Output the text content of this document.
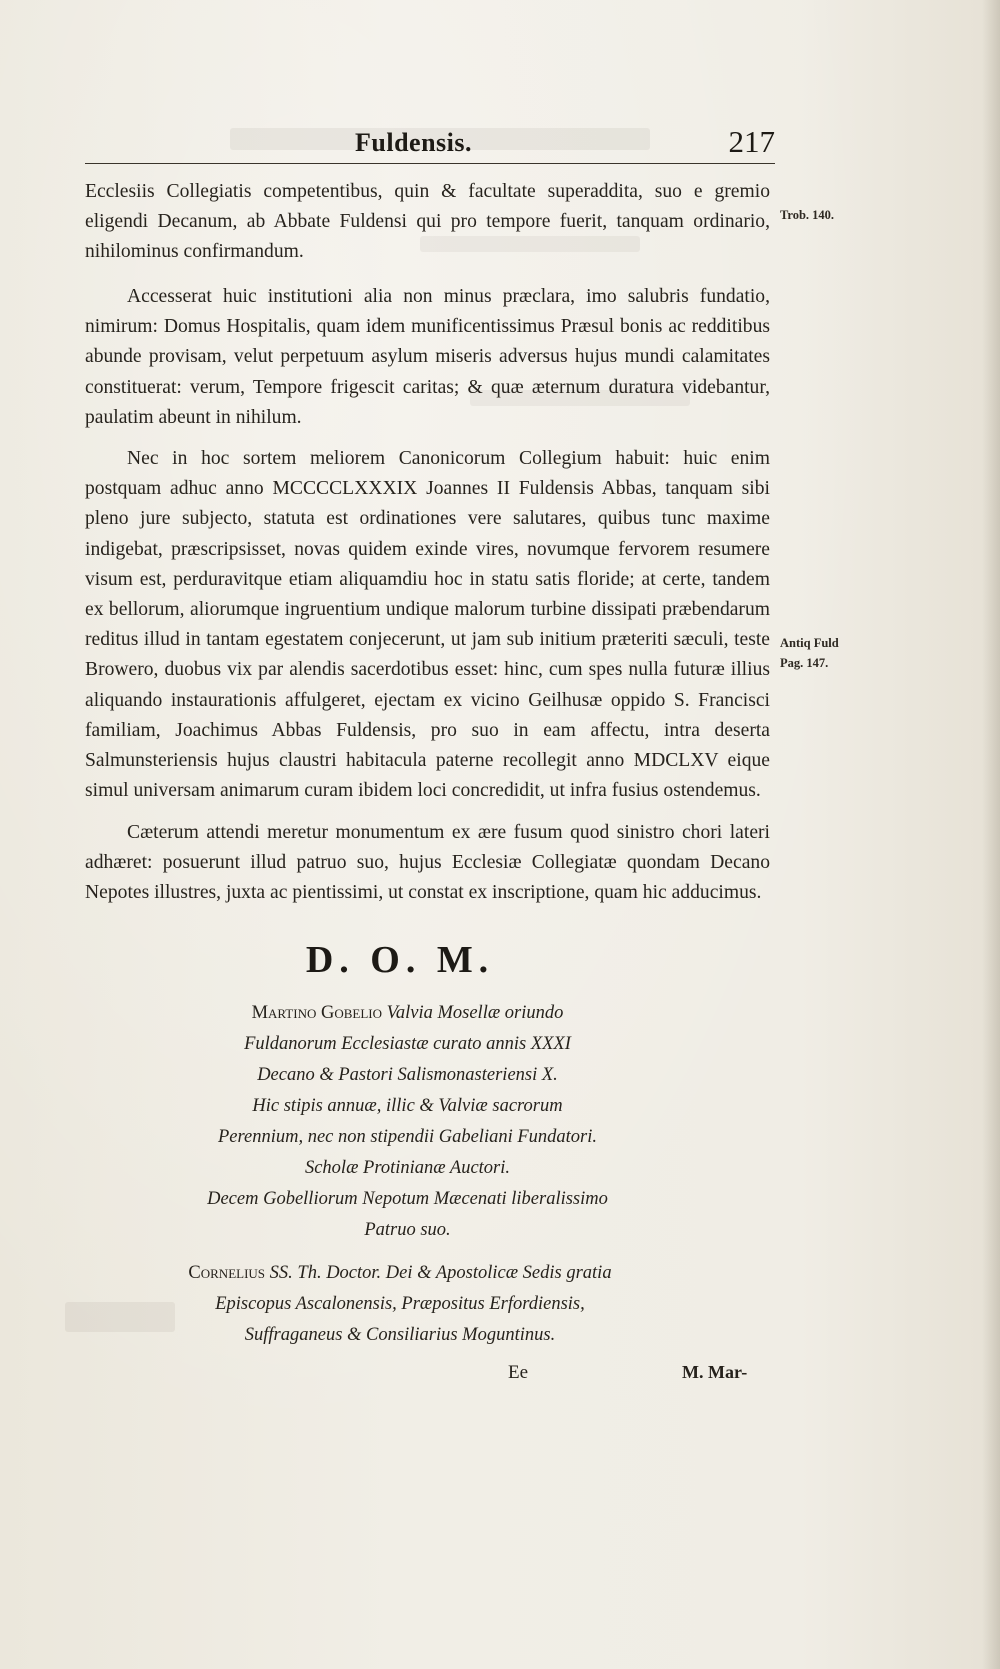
Fuldensis.	217

Ecclesiis Collegiatis competentibus, quin & facultate superaddita, suo e gremio eligendi Decanum, ab Abbate Fuldensi qui pro tempore fuerit, tanquam ordinario, nihilominus confirmandum.

Trob. 140.

Accesserat huic institutioni alia non minus præclara, imo salubris fundatio, nimirum: Domus Hospitalis, quam idem munificentissimus Præsul bonis ac redditibus abunde provisam, velut perpetuum asylum miseris adversus hujus mundi calamitates constituerat: verum, Tempore frigescit caritas; & quæ æternum duratura videbantur, paulatim abeunt in nihilum.

Nec in hoc sortem meliorem Canonicorum Collegium habuit: huic enim postquam adhuc anno MCCCCLXXXIX Joannes II Fuldensis Abbas, tanquam sibi pleno jure subjecto, statuta est ordinationes vere salutares, quibus tunc maxime indigebat, præscripsisset, novas quidem exinde vires, novumque fervorem resumere visum est, perduravitque etiam aliquamdiu hoc in statu satis floride; at certe, tandem ex bellorum, aliorumque ingruentium undique malorum turbine dissipati præbendarum reditus illud in tantam egestatem conjecerunt, ut jam sub initium præteriti sæculi, teste Browero, duobus vix par alendis sacerdotibus esset: hinc, cum spes nulla futuræ illius aliquando instaurationis affulgeret, ejectam ex vicino Geilhusæ oppido S. Francisci familiam, Joachimus Abbas Fuldensis, pro suo in eam affectu, intra deserta Salmunsteriensis hujus claustri habitacula paterne recollegit anno MDCLXV eique simul universam animarum curam ibidem loci concredidit, ut infra fusius ostendemus.

Antiq Fuld
Pag. 147.

Cæterum attendi meretur monumentum ex ære fusum quod sinistro chori lateri adhæret: posuerunt illud patruo suo, hujus Ecclesiæ Collegiatæ quondam Decano Nepotes illustres, juxta ac pientissimi, ut constat ex inscriptione, quam hic adducimus.

D. O. M.
Martino Gobelio Valvia Mosellæ oriundo
Fuldanorum Ecclesiastæ curato annis XXXI
Decano & Pastori Salismonasteriensi X.
Hic stipis annuæ, illic & Valviæ sacrorum
Perennium, nec non stipendii Gabeliani Fundatori.
Scholæ Protinianæ Auctori.
Decem Gobelliorum Nepotum Mæcenati liberalissimo
Patruo suo.
Cornelius SS. Th. Doctor. Dei & Apostolicæ Sedis gratia
Episcopus Ascalonensis, Præpositus Erfordiensis,
Suffraganeus & Consiliarius Moguntinus.
Ee	M. Mar-
